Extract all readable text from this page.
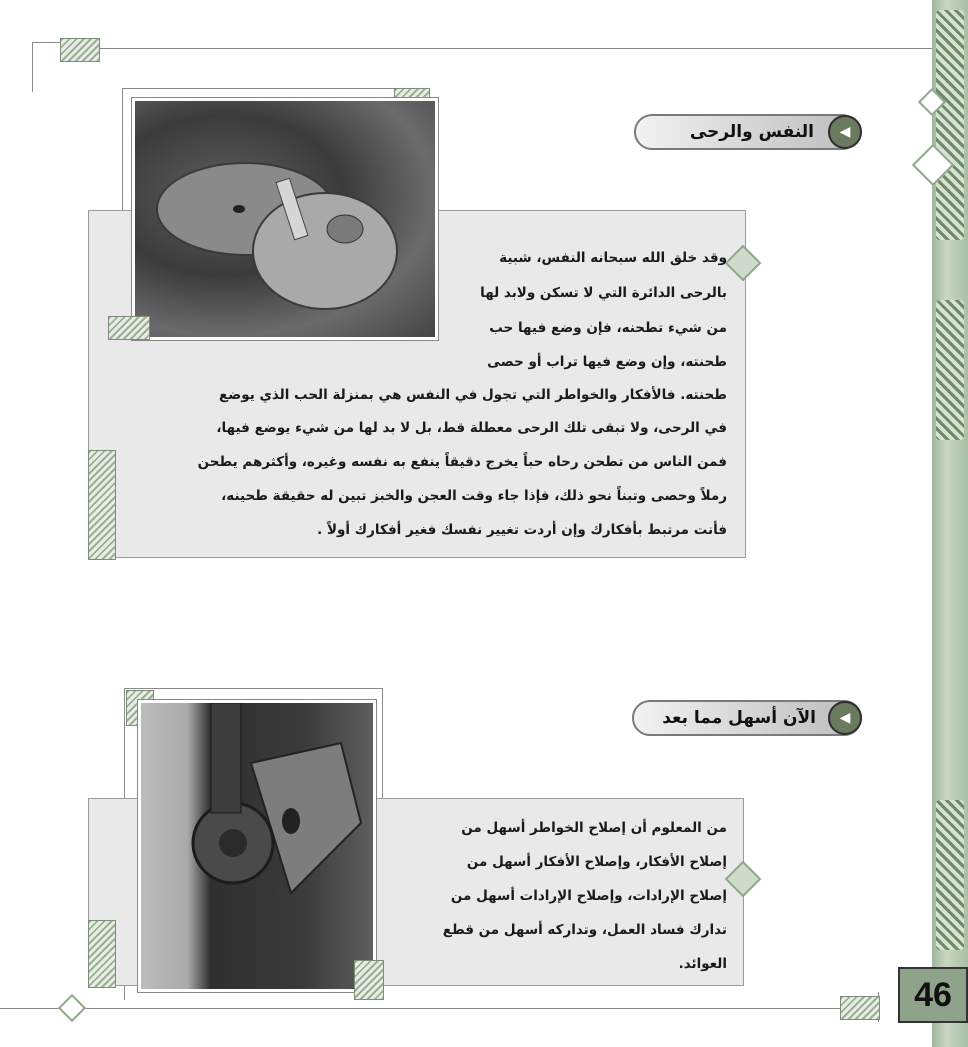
النفس والرحى	◀
وقد خلق الله سبحانه النفس، شبية
بالرحى الدائرة التي لا تسكن ولابد لها
من شيء تطحنه، فإن وضع فيها حب
طحنته، وإن وضع فيها تراب أو حصى
طحنته. فالأفكار والخواطر التي تجول في النفس هي بمنزلة الحب الذي يوضع
في الرحى، ولا تبقى تلك الرحى معطلة قط، بل لا بد لها من شيء يوضع فيها،
فمن الناس من تطحن رحاه حباً يخرج دقيقاً ينفع به نفسه وغيره، وأكثرهم يطحن
رملاً وحصى وتبناً نحو ذلك، فإذا جاء وقت العجن والخبز تبين له حقيقة طحينه،
فأنت مرتبط بأفكارك وإن أردت تغيير نفسك فغير أفكارك أولاً .
الآن أسهل مما بعد	◀
من المعلوم أن إصلاح الخواطر أسهل من
إصلاح الأفكار، وإصلاح الأفكار أسهل من
إصلاح الإرادات، وإصلاح الإرادات أسهل من
تدارك فساد العمل، وتداركه أسهل من قطع
العوائد.
46
